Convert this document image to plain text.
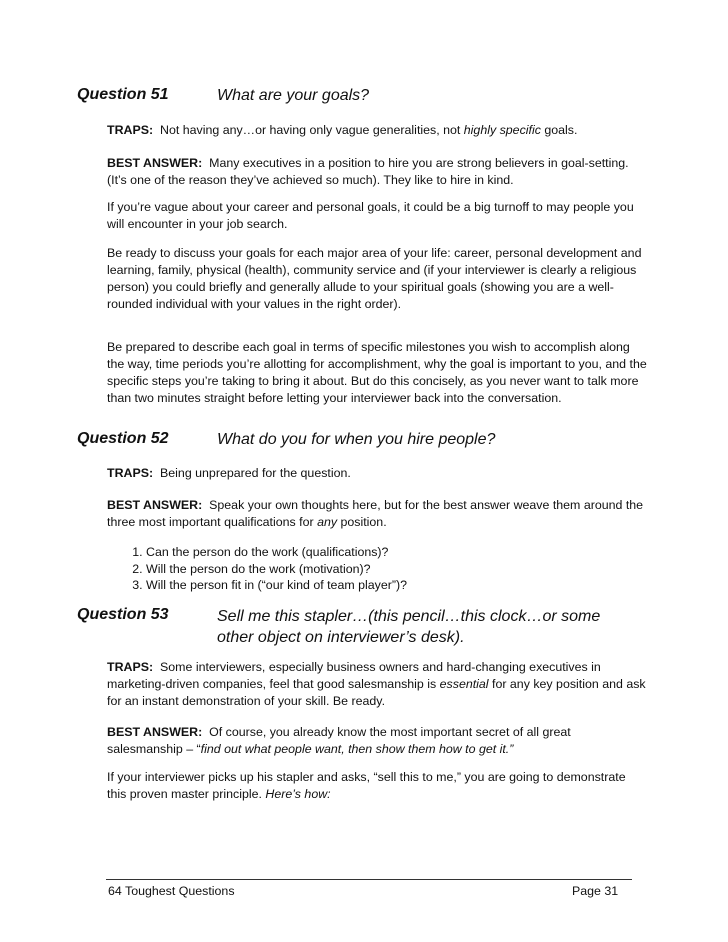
Question 51	What are your goals?
TRAPS: Not having any…or having only vague generalities, not highly specific goals.
BEST ANSWER: Many executives in a position to hire you are strong believers in goal-setting. (It’s one of the reason they’ve achieved so much). They like to hire in kind.
If you’re vague about your career and personal goals, it could be a big turnoff to may people you will encounter in your job search.
Be ready to discuss your goals for each major area of your life: career, personal development and learning, family, physical (health), community service and (if your interviewer is clearly a religious person) you could briefly and generally allude to your spiritual goals (showing you are a well-rounded individual with your values in the right order).
Be prepared to describe each goal in terms of specific milestones you wish to accomplish along the way, time periods you’re allotting for accomplishment, why the goal is important to you, and the specific steps you’re taking to bring it about. But do this concisely, as you never want to talk more than two minutes straight before letting your interviewer back into the conversation.
Question 52	What do you for when you hire people?
TRAPS: Being unprepared for the question.
BEST ANSWER: Speak your own thoughts here, but for the best answer weave them around the three most important qualifications for any position.
1. Can the person do the work (qualifications)?
2. Will the person do the work (motivation)?
3. Will the person fit in (“our kind of team player”)?
Question 53	Sell me this stapler…(this pencil…this clock…or some other object on interviewer’s desk).
TRAPS: Some interviewers, especially business owners and hard-changing executives in marketing-driven companies, feel that good salesmanship is essential for any key position and ask for an instant demonstration of your skill. Be ready.
BEST ANSWER: Of course, you already know the most important secret of all great salesmanship – “find out what people want, then show them how to get it.”
If your interviewer picks up his stapler and asks, “sell this to me,” you are going to demonstrate this proven master principle. Here’s how:
64 Toughest Questions	Page 31
